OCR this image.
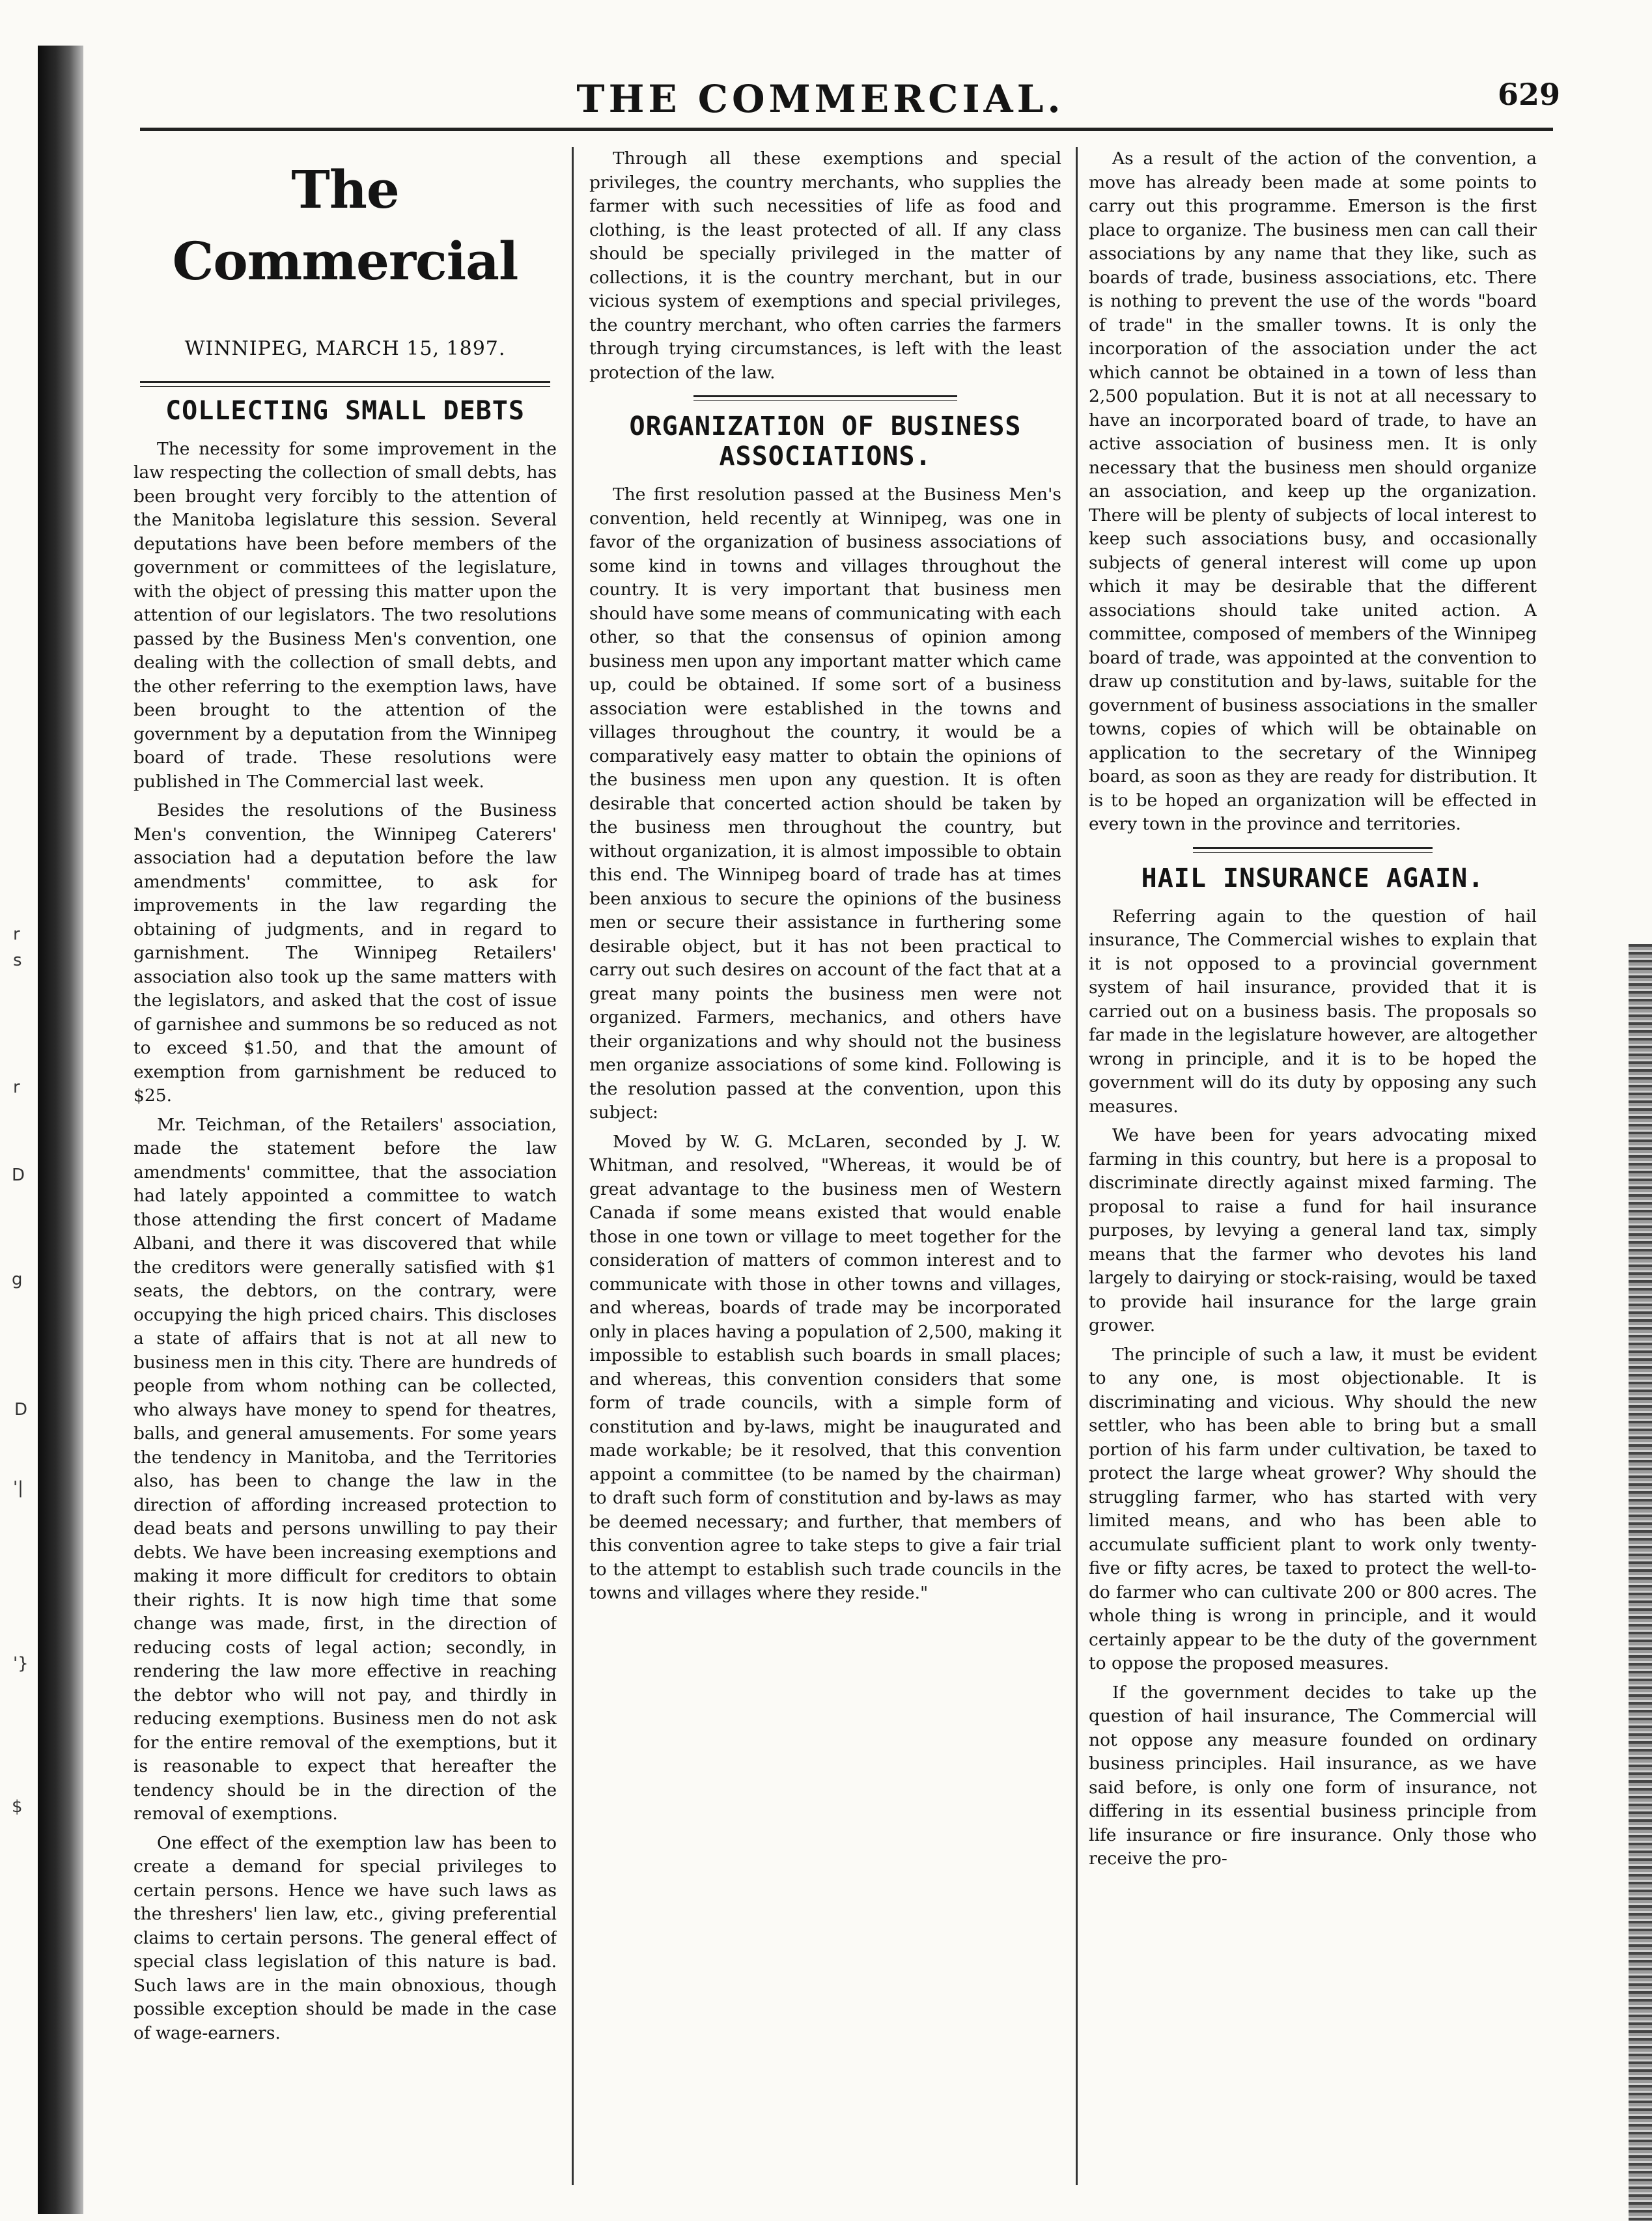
r
s
r
D
g
D
'|
'}
$
THE COMMERCIAL.	629
The Commercial
WINNIPEG, MARCH 15, 1897.
COLLECTING SMALL DEBTS

The necessity for some improvement in the law respecting the collection of small debts, has been brought very forcibly to the attention of the Manitoba legislature this session. Several deputations have been before members of the government or committees of the legislature, with the object of pressing this matter upon the attention of our legislators. The two resolutions passed by the Business Men's convention, one dealing with the collection of small debts, and the other referring to the exemption laws, have been brought to the attention of the government by a deputation from the Winnipeg board of trade. These resolutions were published in The Commercial last week.

Besides the resolutions of the Business Men's convention, the Winnipeg Caterers' association had a deputation before the law amendments' committee, to ask for improvements in the law regarding the obtaining of judgments, and in regard to garnishment. The Winnipeg Retailers' association also took up the same matters with the legislators, and asked that the cost of issue of garnishee and summons be so reduced as not to exceed $1.50, and that the amount of exemption from garnishment be reduced to $25.

Mr. Teichman, of the Retailers' association, made the statement before the law amendments' committee, that the association had lately appointed a committee to watch those attending the first concert of Madame Albani, and there it was discovered that while the creditors were generally satisfied with $1 seats, the debtors, on the contrary, were occupying the high priced chairs. This discloses a state of affairs that is not at all new to business men in this city. There are hundreds of people from whom nothing can be collected, who always have money to spend for theatres, balls, and general amusements. For some years the tendency in Manitoba, and the Territories also, has been to change the law in the direction of affording increased protection to dead beats and persons unwilling to pay their debts. We have been increasing exemptions and making it more difficult for creditors to obtain their rights. It is now high time that some change was made, first, in the direction of reducing costs of legal action; secondly, in rendering the law more effective in reaching the debtor who will not pay, and thirdly in reducing exemptions. Business men do not ask for the entire removal of the exemptions, but it is reasonable to expect that hereafter the tendency should be in the direction of the removal of exemptions.

One effect of the exemption law has been to create a demand for special privileges to certain persons. Hence we have such laws as the threshers' lien law, etc., giving preferential claims to certain persons. The general effect of special class legislation of this nature is bad. Such laws are in the main obnoxious, though possible exception should be made in the case of wage-earners.

Through all these exemptions and special privileges, the country merchants, who supplies the farmer with such necessities of life as food and clothing, is the least protected of all. If any class should be specially privileged in the matter of collections, it is the country merchant, but in our vicious system of exemptions and special privileges, the country merchant, who often carries the farmers through trying circumstances, is left with the least protection of the law.

ORGANIZATION OF BUSINESS ASSOCIATIONS.

The first resolution passed at the Business Men's convention, held recently at Winnipeg, was one in favor of the organization of business associations of some kind in towns and villages throughout the country. It is very important that business men should have some means of communicating with each other, so that the consensus of opinion among business men upon any important matter which came up, could be obtained. If some sort of a business association were established in the towns and villages throughout the country, it would be a comparatively easy matter to obtain the opinions of the business men upon any question. It is often desirable that concerted action should be taken by the business men throughout the country, but without organization, it is almost impossible to obtain this end. The Winnipeg board of trade has at times been anxious to secure the opinions of the business men or secure their assistance in furthering some desirable object, but it has not been practical to carry out such desires on account of the fact that at a great many points the business men were not organized. Farmers, mechanics, and others have their organizations and why should not the business men organize associations of some kind. Following is the resolution passed at the convention, upon this subject:

Moved by W. G. McLaren, seconded by J. W. Whitman, and resolved, "Whereas, it would be of great advantage to the business men of Western Canada if some means existed that would enable those in one town or village to meet together for the consideration of matters of common interest and to communicate with those in other towns and villages, and whereas, boards of trade may be incorporated only in places having a population of 2,500, making it impossible to establish such boards in small places; and whereas, this convention considers that some form of trade councils, with a simple form of constitution and by-laws, might be inaugurated and made workable; be it resolved, that this convention appoint a committee (to be named by the chairman) to draft such form of constitution and by-laws as may be deemed necessary; and further, that members of this convention agree to take steps to give a fair trial to the attempt to establish such trade councils in the towns and villages where they reside."

As a result of the action of the convention, a move has already been made at some points to carry out this programme. Emerson is the first place to organize. The business men can call their associations by any name that they like, such as boards of trade, business associations, etc. There is nothing to prevent the use of the words "board of trade" in the smaller towns. It is only the incorporation of the association under the act which cannot be obtained in a town of less than 2,500 population. But it is not at all necessary to have an incorporated board of trade, to have an active association of business men. It is only necessary that the business men should organize an association, and keep up the organization. There will be plenty of subjects of local interest to keep such associations busy, and occasionally subjects of general interest will come up upon which it may be desirable that the different associations should take united action. A committee, composed of members of the Winnipeg board of trade, was appointed at the convention to draw up constitution and by-laws, suitable for the government of business associations in the smaller towns, copies of which will be obtainable on application to the secretary of the Winnipeg board, as soon as they are ready for distribution. It is to be hoped an organization will be effected in every town in the province and territories.

HAIL INSURANCE AGAIN.

Referring again to the question of hail insurance, The Commercial wishes to explain that it is not opposed to a provincial government system of hail insurance, provided that it is carried out on a business basis. The proposals so far made in the legislature however, are altogether wrong in principle, and it is to be hoped the government will do its duty by opposing any such measures.

We have been for years advocating mixed farming in this country, but here is a proposal to discriminate directly against mixed farming. The proposal to raise a fund for hail insurance purposes, by levying a general land tax, simply means that the farmer who devotes his land largely to dairying or stock-raising, would be taxed to provide hail insurance for the large grain grower.

The principle of such a law, it must be evident to any one, is most objectionable. It is discriminating and vicious. Why should the new settler, who has been able to bring but a small portion of his farm under cultivation, be taxed to protect the large wheat grower? Why should the struggling farmer, who has started with very limited means, and who has been able to accumulate sufficient plant to work only twenty-five or fifty acres, be taxed to protect the well-to-do farmer who can cultivate 200 or 800 acres. The whole thing is wrong in principle, and it would certainly appear to be the duty of the government to oppose the proposed measures.

If the government decides to take up the question of hail insurance, The Commercial will not oppose any measure founded on ordinary business principles. Hail insurance, as we have said before, is only one form of insurance, not differing in its essential business principle from life insurance or fire insurance. Only those who receive the pro-
